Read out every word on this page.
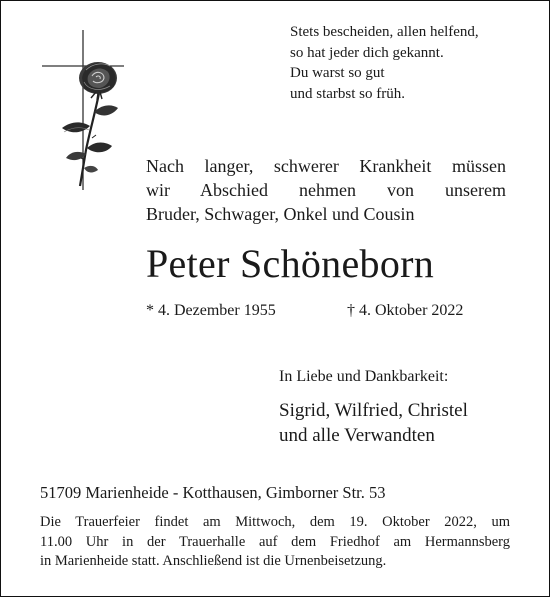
Stets bescheiden, allen helfend,
so hat jeder dich gekannt.
Du warst so gut
und starbst so früh.
Nach langer, schwerer Krankheit müssen
wir Abschied nehmen von unserem
Bruder, Schwager, Onkel und Cousin
Peter Schöneborn
* 4. Dezember 1955	† 4. Oktober 2022
In Liebe und Dankbarkeit:
Sigrid, Wilfried, Christel
und alle Verwandten
51709 Marienheide - Kotthausen, Gimborner Str. 53
Die Trauerfeier findet am Mittwoch, dem 19. Oktober 2022, um
11.00 Uhr in der Trauerhalle auf dem Friedhof am Hermannsberg
in Marienheide statt. Anschließend ist die Urnenbeisetzung.
